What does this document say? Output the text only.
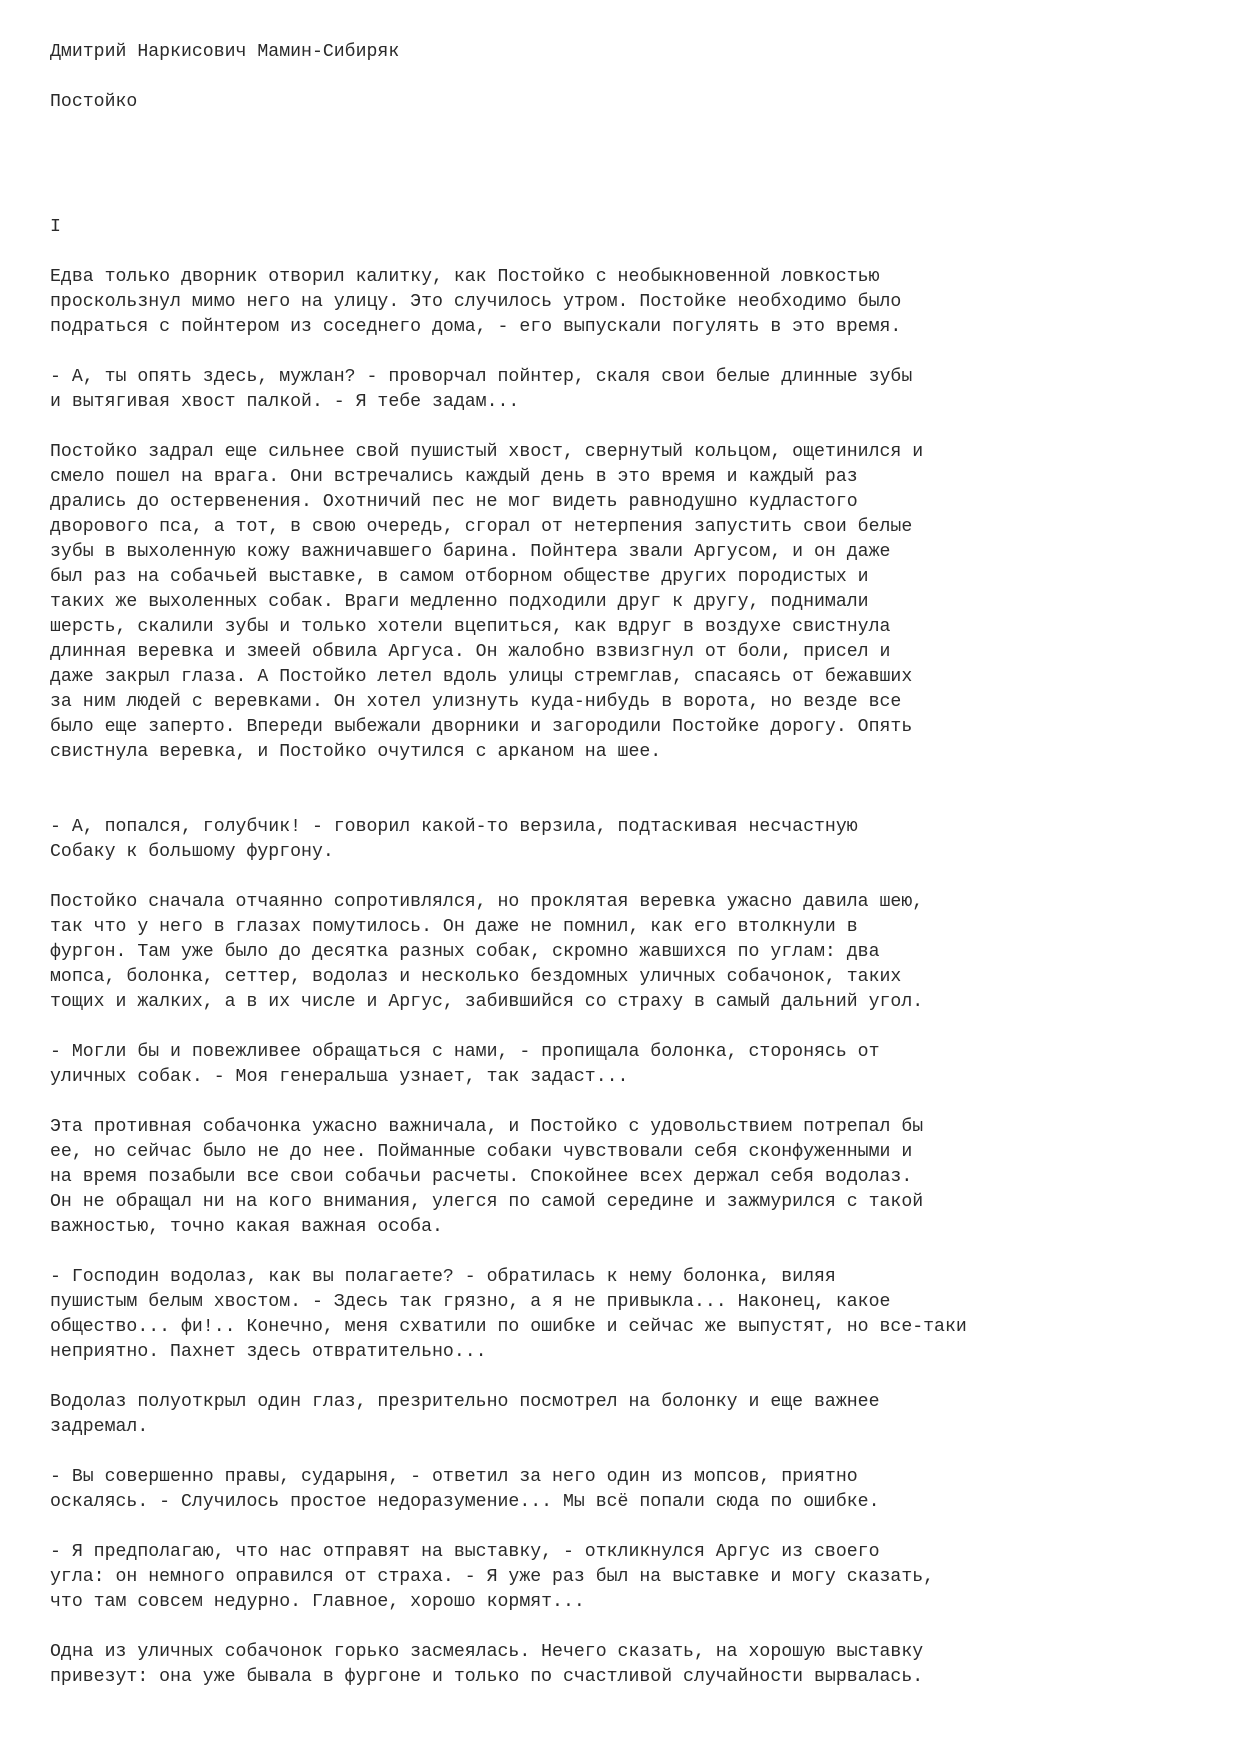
Дмитрий Наркисович Мамин-Сибиряк
Постойко
I
Едва только дворник отворил калитку, как Постойко с необыкновенной ловкостью
проскользнул мимо него на улицу. Это случилось утром. Постойке необходимо было
подраться с пойнтером из соседнего дома, - его выпускали погулять в это время.
- А, ты опять здесь, мужлан? - проворчал пойнтер, скаля свои белые длинные зубы
и вытягивая хвост палкой. - Я тебе задам...
Постойко задрал еще сильнее свой пушистый хвост, свернутый кольцом, ощетинился и
смело пошел на врага. Они встречались каждый день в это время и каждый раз
дрались до остервенения. Охотничий пес не мог видеть равнодушно кудластого
дворового пса, а тот, в свою очередь, сгорал от нетерпения запустить свои белые
зубы в выхоленную кожу важничавшего барина. Пойнтера звали Аргусом, и он даже
был раз на собачьей выставке, в самом отборном обществе других породистых и
таких же выхоленных собак. Враги медленно подходили друг к другу, поднимали
шерсть, скалили зубы и только хотели вцепиться, как вдруг в воздухе свистнула
длинная веревка и змеей обвила Аргуса. Он жалобно взвизгнул от боли, присел и
даже закрыл глаза. А Постойко летел вдоль улицы стремглав, спасаясь от бежавших
за ним людей с веревками. Он хотел улизнуть куда-нибудь в ворота, но везде все
было еще заперто. Впереди выбежали дворники и загородили Постойке дорогу. Опять
свистнула веревка, и Постойко очутился с арканом на шее.
- А, попался, голубчик! - говорил какой-то верзила, подтаскивая несчастную
Собаку к большому фургону.
Постойко сначала отчаянно сопротивлялся, но проклятая веревка ужасно давила шею,
так что у него в глазах помутилось. Он даже не помнил, как его втолкнули в
фургон. Там уже было до десятка разных собак, скромно жавшихся по углам: два
мопса, болонка, сеттер, водолаз и несколько бездомных уличных собачонок, таких
тощих и жалких, а в их числе и Аргус, забившийся со страху в самый дальний угол.
- Могли бы и повежливее обращаться с нами, - пропищала болонка, сторонясь от
уличных собак. - Моя генеральша узнает, так задаст...
Эта противная собачонка ужасно важничала, и Постойко с удовольствием потрепал бы
ее, но сейчас было не до нее. Пойманные собаки чувствовали себя сконфуженными и
на время позабыли все свои собачьи расчеты. Спокойнее всех держал себя водолаз.
Он не обращал ни на кого внимания, улегся по самой середине и зажмурился с такой
важностью, точно какая важная особа.
- Господин водолаз, как вы полагаете? - обратилась к нему болонка, виляя
пушистым белым хвостом. - Здесь так грязно, а я не привыкла... Наконец, какое
общество... фи!.. Конечно, меня схватили по ошибке и сейчас же выпустят, но все-таки
неприятно. Пахнет здесь отвратительно...
Водолаз полуоткрыл один глаз, презрительно посмотрел на болонку и еще важнее
задремал.
- Вы совершенно правы, сударыня, - ответил за него один из мопсов, приятно
оскалясь. - Случилось простое недоразумение... Мы всё попали сюда по ошибке.
- Я предполагаю, что нас отправят на выставку, - откликнулся Аргус из своего
угла: он немного оправился от страха. - Я уже раз был на выставке и могу сказать,
что там совсем недурно. Главное, хорошо кормят...
Одна из уличных собачонок горько засмеялась. Нечего сказать, на хорошую выставку
привезут: она уже бывала в фургоне и только по счастливой случайности вырвалась.
